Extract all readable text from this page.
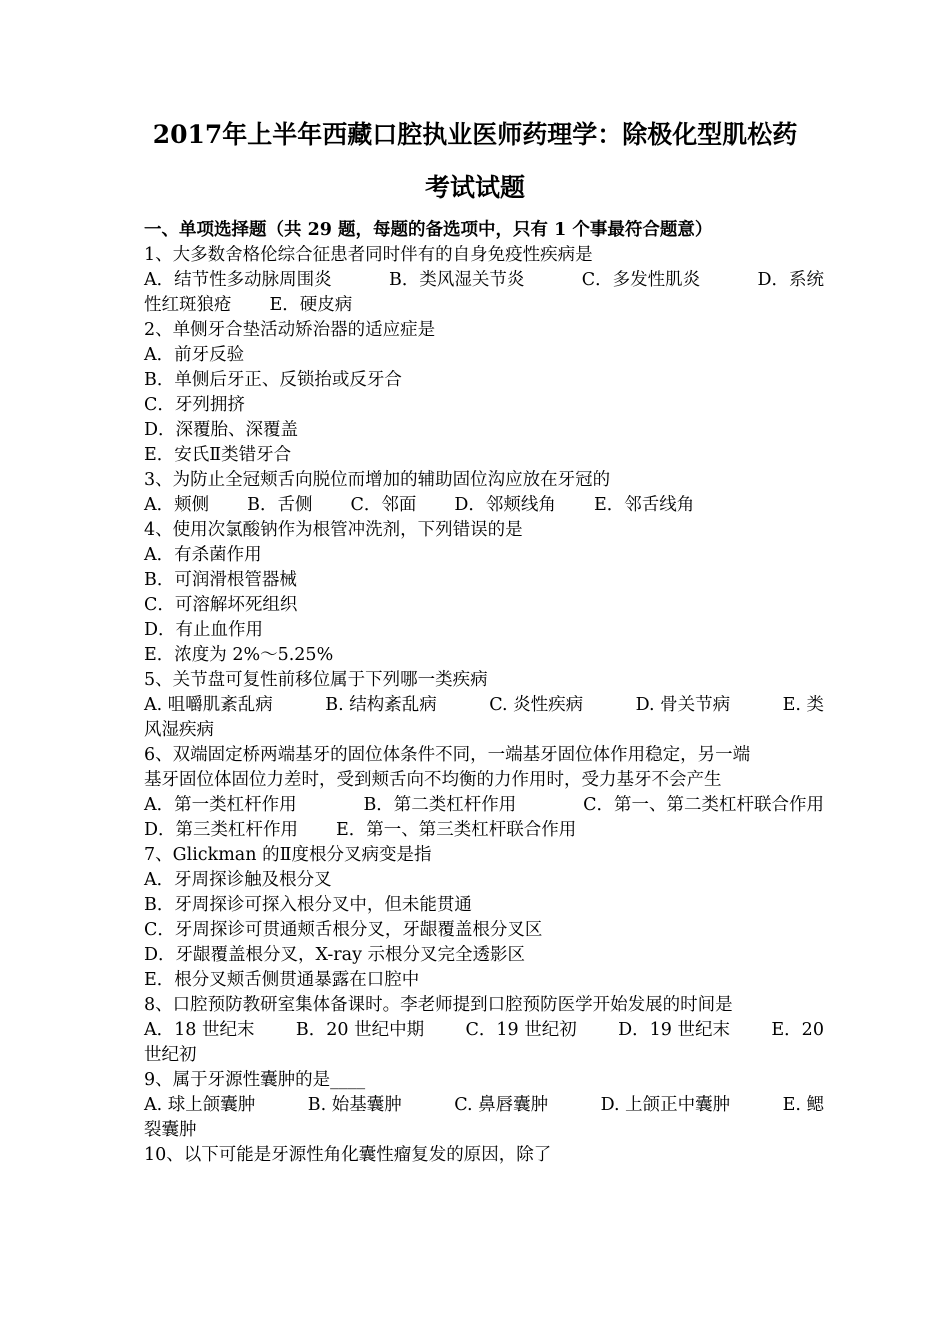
2017年上半年西藏口腔执业医师药理学：除极化型肌松药
考试试题
一、单项选择题（共 29 题，每题的备选项中，只有 1 个事最符合题意）
1、大多数舍格伦综合征患者同时伴有的自身免疫性疾病是
A．结节性多动脉周围炎	B．类风湿关节炎	C．多发性肌炎	D．系统
性红斑狼疮 E．硬皮病
2、单侧牙合垫活动矫治器的适应症是
A．前牙反验
B．单侧后牙正、反锁抬或反牙合
C．牙列拥挤
D．深覆胎、深覆盖
E．安氏Ⅱ类错牙合
3、为防止全冠颊舌向脱位而增加的辅助固位沟应放在牙冠的
A．颊侧 B．舌侧 C．邻面 D．邻颊线角 E．邻舌线角
4、使用次氯酸钠作为根管冲洗剂，下列错误的是
A．有杀菌作用
B．可润滑根管器械
C．可溶解坏死组织
D．有止血作用
E．浓度为 2%～5.25%
5、关节盘可复性前移位属于下列哪一类疾病
A. 咀嚼肌紊乱病	B. 结构紊乱病	C. 炎性疾病	D. 骨关节病	E. 类
风湿疾病
6、双端固定桥两端基牙的固位体条件不同，一端基牙固位体作用稳定，另一端
基牙固位体固位力差时，受到颊舌向不均衡的力作用时，受力基牙不会产生
A．第一类杠杆作用	B．第二类杠杆作用	C．第一、第二类杠杆联合作用
D．第三类杠杆作用 E．第一、第三类杠杆联合作用
7、Glickman 的Ⅱ度根分叉病变是指
A．牙周探诊触及根分叉
B．牙周探诊可探入根分叉中，但未能贯通
C．牙周探诊可贯通颊舌根分叉，牙龈覆盖根分叉区
D．牙龈覆盖根分叉，X-ray 示根分叉完全透影区
E．根分叉颊舌侧贯通暴露在口腔中
8、口腔预防教研室集体备课时。李老师提到口腔预防医学开始发展的时间是
A．18 世纪末 B．20 世纪中期 C．19 世纪初 D．19 世纪末 E．20
世纪初
9、属于牙源性囊肿的是____
A. 球上颌囊肿	B. 始基囊肿	C. 鼻唇囊肿	D. 上颌正中囊肿	E. 鳃
裂囊肿
10、以下可能是牙源性角化囊性瘤复发的原因，除了
